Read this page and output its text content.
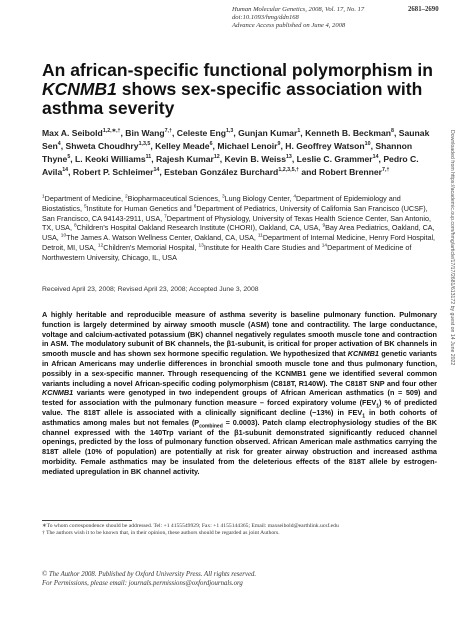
Human Molecular Genetics, 2008, Vol. 17, No. 17
doi:10.1093/hmg/ddn168
Advance Access published on June 4, 2008
2681–2690
An african-specific functional polymorphism in KCNMB1 shows sex-specific association with asthma severity
Max A. Seibold$^{1,2,∗,\dagger}$, Bin Wang$^{7,\dagger}$, Celeste Eng$^{1,3}$, Gunjan Kumar$^1$, Kenneth B. Beckman$^8$, Saunak Sen$^4$, Shweta Choudhry$^{1,3,5}$, Kelley Meade$^6$, Michael Lenoir$^9$, H. Geoffrey Watson$^{10}$, Shannon Thyne$^5$, L. Keoki Williams$^{11}$, Rajesh Kumar$^{12}$, Kevin B. Weiss$^{13}$, Leslie C. Grammer$^{14}$, Pedro C. Avila$^{14}$, Robert P. Schleimer$^{14}$, Esteban González Burchard$^{1,2,3,5,\dagger}$ and Robert Brenner$^{7,\dagger}$
$^1$Department of Medicine, $^2$Biopharmaceutical Sciences, $^3$Lung Biology Center, $^4$Department of Epidemiology and Biostatistics, $^5$Institute for Human Genetics and $^6$Department of Pediatrics, University of California San Francisco (UCSF), San Francisco, CA 94143-2911, USA, $^7$Department of Physiology, University of Texas Health Science Center, San Antonio, TX, USA, $^8$Children's Hospital Oakland Research Institute (CHORI), Oakland, CA, USA, $^9$Bay Area Pediatrics, Oakland, CA, USA, $^{10}$The James A. Watson Wellness Center, Oakland, CA, USA, $^{11}$Department of Internal Medicine, Henry Ford Hospital, Detroit, MI, USA, $^{12}$Children's Memorial Hospital, $^{13}$Institute for Health Care Studies and $^{14}$Department of Medicine of Northwestern University, Chicago, IL, USA
Received April 23, 2008; Revised April 23, 2008; Accepted June 3, 2008
A highly heritable and reproducible measure of asthma severity is baseline pulmonary function. Pulmonary function is largely determined by airway smooth muscle (ASM) tone and contractility. The large conductance, voltage and calcium-activated potassium (BK) channel negatively regulates smooth muscle tone and contraction in ASM. The modulatory subunit of BK channels, the β1-subunit, is critical for proper activation of BK channels in smooth muscle and has shown sex hormone specific regulation. We hypothesized that KCNMB1 genetic variants in African Americans may underlie differences in bronchial smooth muscle tone and thus pulmonary function, possibly in a sex-specific manner. Through resequencing of the KCNMB1 gene we identified several common variants including a novel African-specific coding polymorphism (C818T, R140W). The C818T SNP and four other KCNMB1 variants were genotyped in two independent groups of African American asthmatics (n = 509) and tested for association with the pulmonary function measure – forced expiratory volume $(FEV_1)$ % of predicted value. The 818T allele is associated with a clinically significant decline (−13%) in $FEV_1$ in both cohorts of asthmatics among males but not females $(P_{combined} = 0.0003)$. Patch clamp electrophysiology studies of the BK channel expressed with the 140Trp variant of the β1-subunit demonstrated significantly reduced channel openings, predicted by the loss of pulmonary function observed. African American male asthmatics carrying the 818T allele (10% of population) are potentially at risk for greater airway obstruction and increased asthma morbidity. Female asthmatics may be insulated from the deleterious effects of the 818T allele by estrogen-mediated upregulation in BK channel activity.
∗To whom correspondence should be addressed. Tel: +1 4155549929; Fax: +1 4155144365; Email: maxseibold@earthlink.ucsf.edu
† The authors wish it to be known that, in their opinion, these authors should be regarded as joint Authors.
© The Author 2008. Published by Oxford University Press. All rights reserved.
For Permissions, please email: journals.permissions@oxfordjournals.org
Downloaded from https://academic.oup.com/hmg/article/17/17/2681/613172 by guest on 14 June 2022
